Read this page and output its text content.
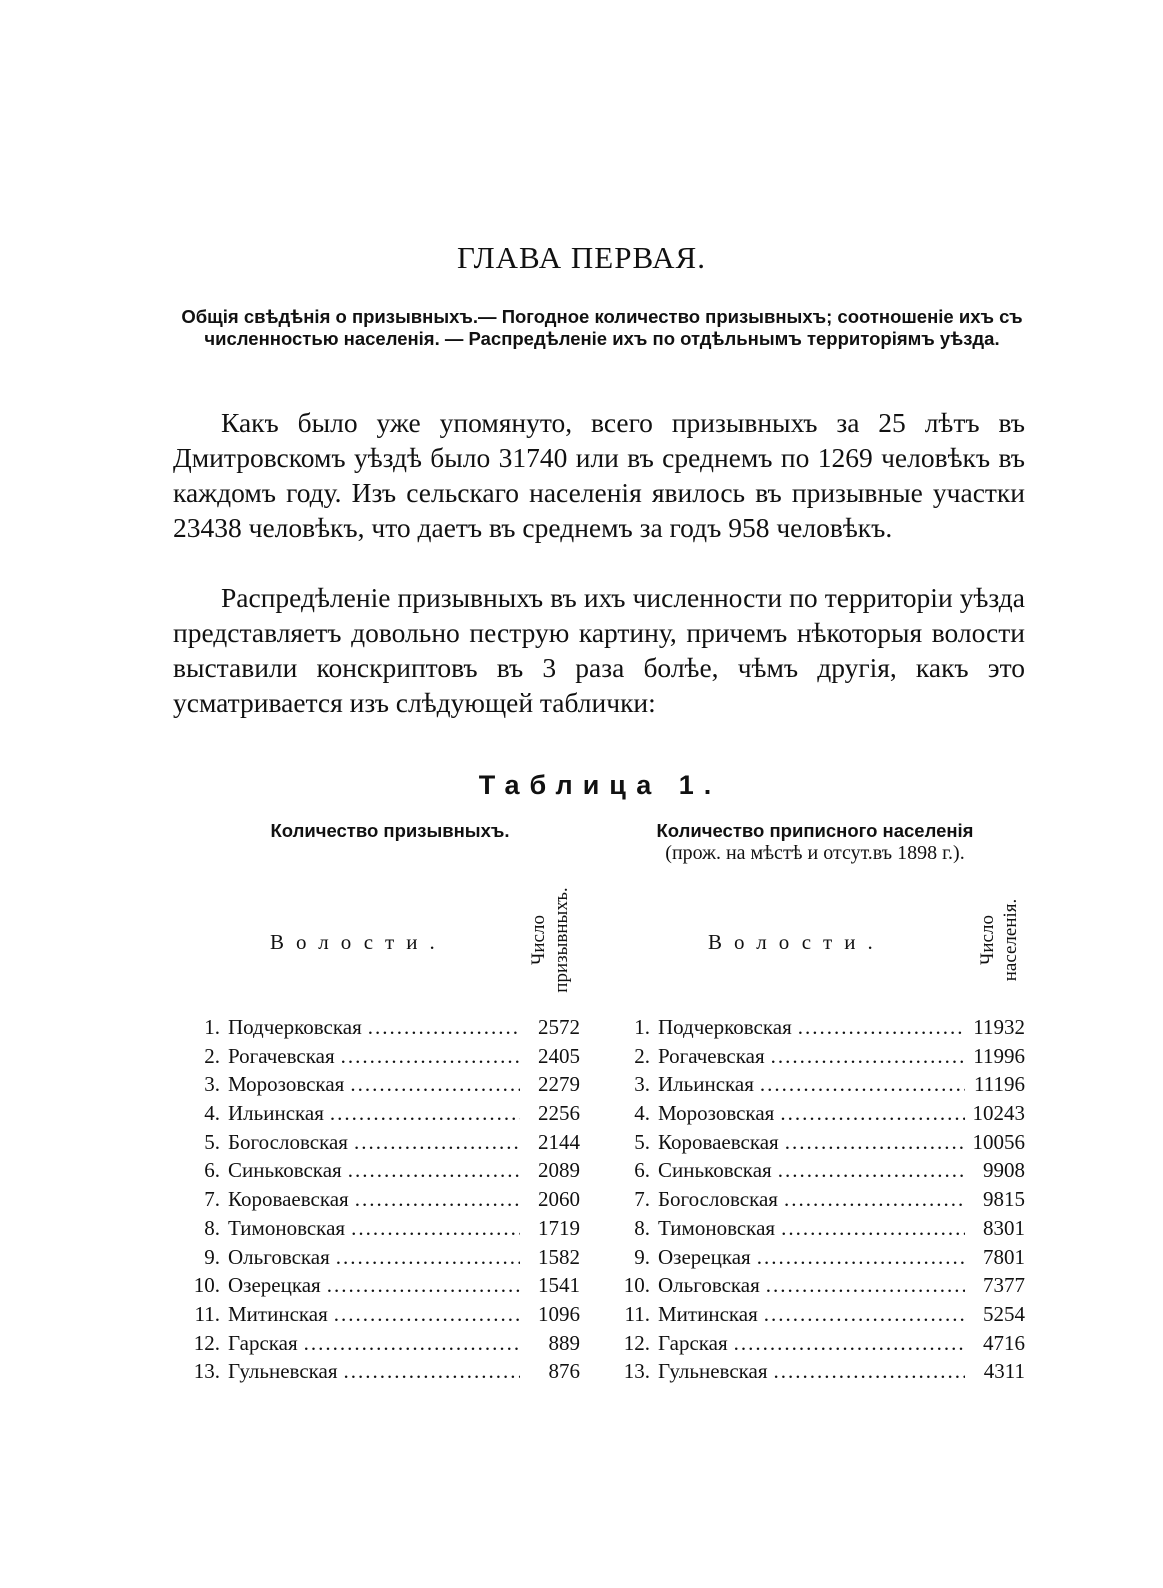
ГЛАВА ПЕРВАЯ.
Общія свѣдѣнія о призывныхъ.— Погодное количество призывныхъ; соотношеніе ихъ съ численностью населенія. — Распредѣленіе ихъ по отдѣльнымъ территоріямъ уѣзда.

Какъ было уже упомянуто, всего призывныхъ за 25 лѣтъ въ Дмитровскомъ уѣздѣ было 31740 или въ среднемъ по 1269 человѣкъ въ каждомъ году. Изъ сельскаго населенія явилось въ призывные участки 23438 человѣкъ, что даетъ въ среднемъ за годъ 958 человѣкъ.

Распредѣленіе призывныхъ въ ихъ численности по территоріи уѣзда представляетъ довольно пеструю картину, причемъ нѣкоторыя волости выставили конскриптовъ въ 3 раза болѣе, чѣмъ другія, какъ это усматривается изъ слѣдующей таблички:

Таблица 1.
Количество призывныхъ.	Количество приписного населенія
(прож. на мѣстѣ и отсут.въ 1898 г.).
Волости.	Волости.
Число призывныхъ.	Число населенія.
1. Подчерковская .....	2572
2. Рогачевская .....	2405
3. Морозовская .....	2279
4. Ильинская .....	2256
5. Богословская .....	2144
6. Синьковская .....	2089
7. Короваевская .....	2060
8. Тимоновская .....	1719
9. Ольговская .....	1582
10. Озерецкая .....	1541
11. Митинская .....	1096
12. Гарская .....	889
13. Гульневская .....	876
1. Подчерковская .....	11932
2. Рогачевская .....	11996
3. Ильинская .....	11196
4. Морозовская .....	10243
5. Короваевская .....	10056
6. Синьковская .....	9908
7. Богословская .....	9815
8. Тимоновская .....	8301
9. Озерецкая .....	7801
10. Ольговская .....	7377
11. Митинская .....	5254
12. Гарская .....	4716
13. Гульневская .....	4311
